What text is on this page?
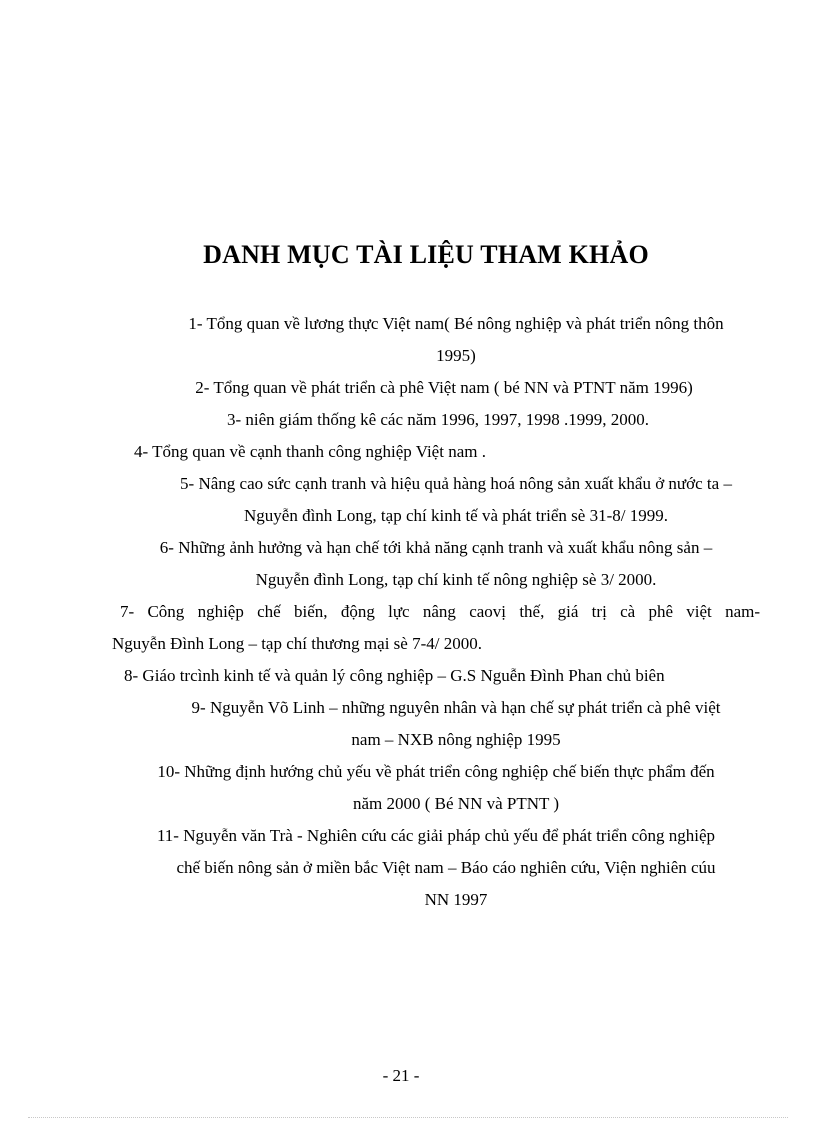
DANH MỤC TÀI LIỆU THAM KHẢO
1- Tổng quan về lương thực Việt nam( Bé nông nghiệp và phát triển nông thôn
1995)
2- Tổng quan về phát triển cà phê Việt nam ( bé NN và PTNT năm 1996)
3- niên giám thống kê các năm 1996, 1997, 1998 .1999, 2000.
4- Tổng quan về cạnh thanh công nghiệp Việt nam .
5- Nâng cao sức cạnh tranh và hiệu quả hàng hoá nông sản xuất khẩu ở nước ta –
Nguyễn đình Long, tạp chí kinh tế và phát triển sè 31-8/ 1999.
6- Những ảnh hưởng và hạn chế tới khả năng cạnh tranh và xuất khẩu nông sản –
Nguyễn đình Long, tạp chí kinh tế nông nghiệp sè 3/ 2000.
7- Công nghiệp chế biến, động lực nâng caovị thế, giá trị cà phê việt nam-
Nguyễn Đình Long – tạp chí thương mại sè 7-4/ 2000.
8- Giáo trcình kinh tế và quản lý công nghiệp – G.S Nguễn Đình Phan chủ biên
9- Nguyễn Võ Linh – những nguyên nhân và hạn chế sự phát triển cà phê việt
nam – NXB nông nghiệp 1995
10- Những định hướng chủ yếu về phát triển công nghiệp chế biến thực phẩm đến
năm 2000 ( Bé NN và PTNT )
11- Nguyễn văn Trà - Nghiên cứu các giải pháp chủ yếu để phát triển công nghiệp
chế biến nông sản ở miền bắc Việt nam – Báo cáo nghiên cứu, Viện nghiên cúu
NN 1997
- 21 -
